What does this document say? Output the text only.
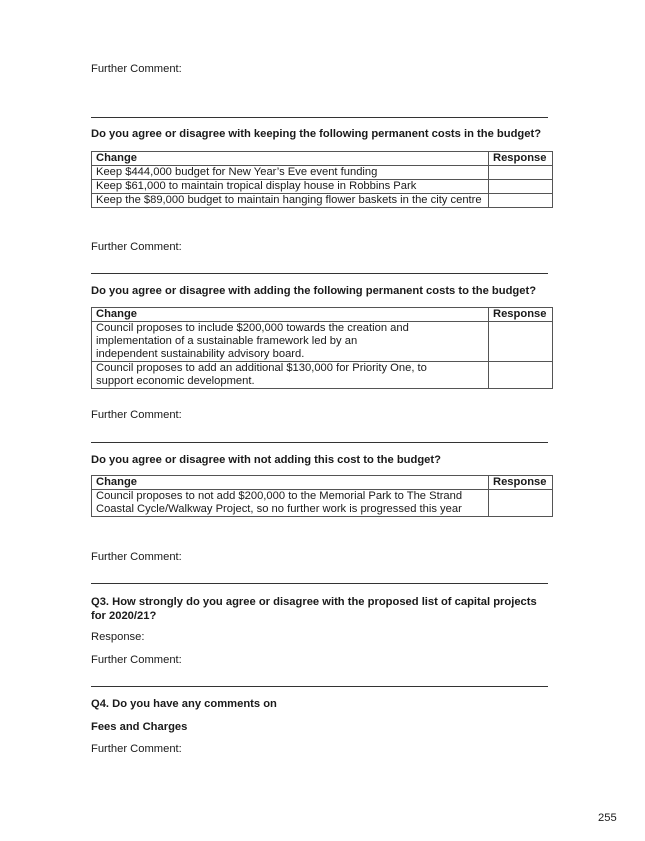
Further Comment:
Do you agree or disagree with keeping the following permanent costs in the budget?
Change	Response
Keep $444,000 budget for New Year’s Eve event funding	
Keep $61,000 to maintain tropical display house in Robbins Park	
Keep the $89,000 budget to maintain hanging flower baskets in the city centre	
Further Comment:
Do you agree or disagree with adding the following permanent costs to the budget?
Change	Response
Council proposes to include $200,000 towards the creation and implementation of a sustainable framework led by an independent sustainability advisory board.	
Council proposes to add an additional $130,000 for Priority One, to support economic development.	
Further Comment:
Do you agree or disagree with not adding this cost to the budget?
Change	Response
Council proposes to not add $200,000 to the Memorial Park to The Strand Coastal Cycle/Walkway Project, so no further work is progressed this year	
Further Comment:
Q3. How strongly do you agree or disagree with the proposed list of capital projects
for 2020/21?
Response:
Further Comment:
Q4. Do you have any comments on
Fees and Charges
Further Comment:
255
